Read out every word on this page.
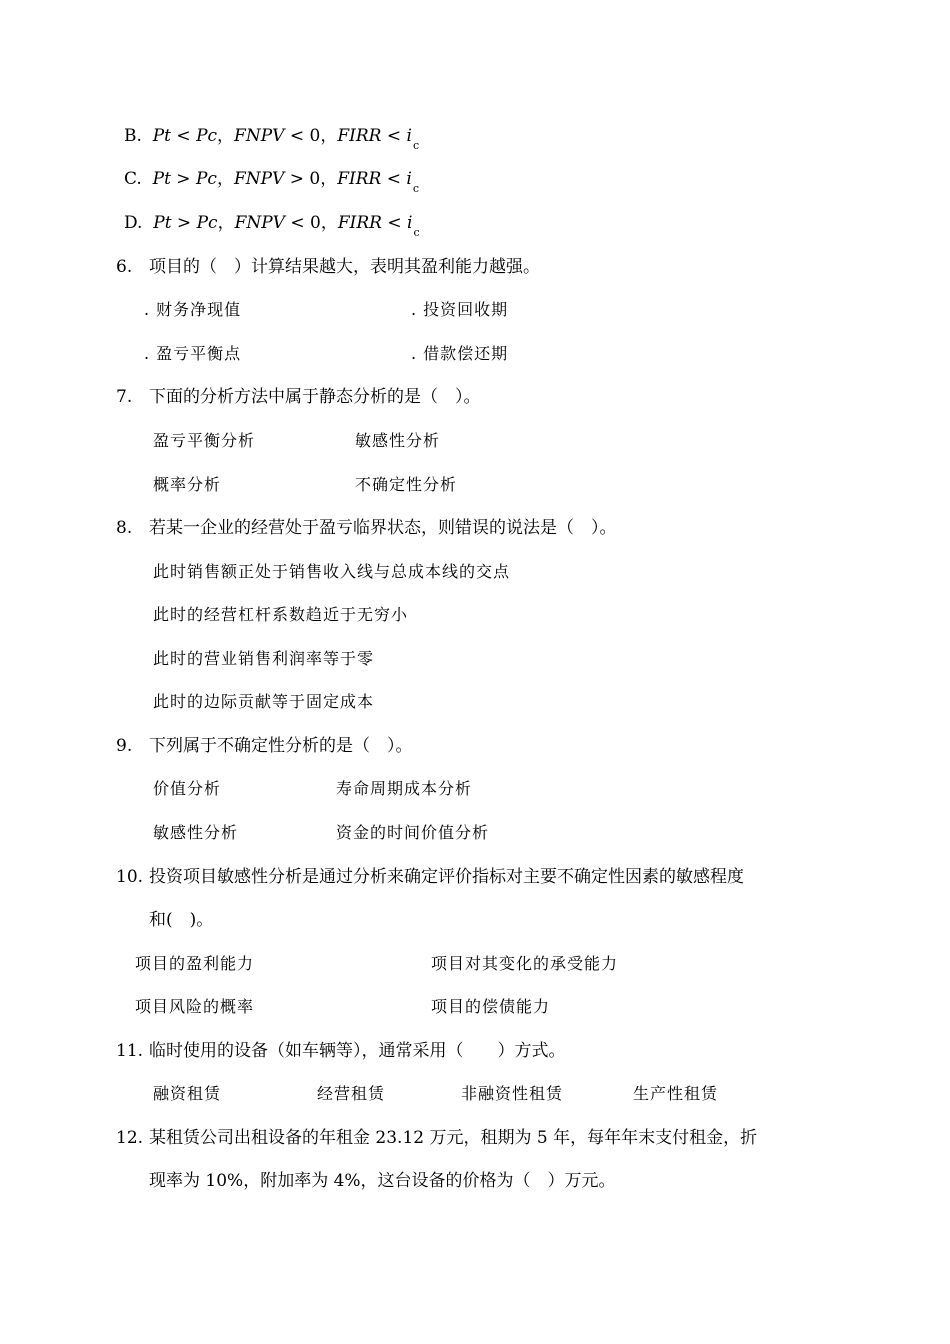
B. Pt < Pc，FNPV < 0，FIRR < $i_c$
C. Pt > Pc，FNPV > 0，FIRR < $i_c$
D. Pt > Pc，FNPV < 0，FIRR < $i_c$
6. 项目的（　）计算结果越大，表明其盈利能力越强。
. 财务净现值	. 投资回收期
. 盈亏平衡点	. 借款偿还期
7. 下面的分析方法中属于静态分析的是（　）。
盈亏平衡分析	敏感性分析
概率分析	不确定性分析
8. 若某一企业的经营处于盈亏临界状态，则错误的说法是（　）。
此时销售额正处于销售收入线与总成本线的交点
此时的经营杠杆系数趋近于无穷小
此时的营业销售利润率等于零
此时的边际贡献等于固定成本
9. 下列属于不确定性分析的是（　）。
价值分析	寿命周期成本分析
敏感性分析	资金的时间价值分析
10. 投资项目敏感性分析是通过分析来确定评价指标对主要不确定性因素的敏感程度
和(　)。
项目的盈利能力	项目对其变化的承受能力
项目风险的概率	项目的偿债能力
11. 临时使用的设备（如车辆等），通常采用（　　）方式。
融资租赁	经营租赁	非融资性租赁	生产性租赁
12. 某租赁公司出租设备的年租金 23.12 万元，租期为 5 年，每年年末支付租金，折
现率为 10%，附加率为 4%，这台设备的价格为（　）万元。
